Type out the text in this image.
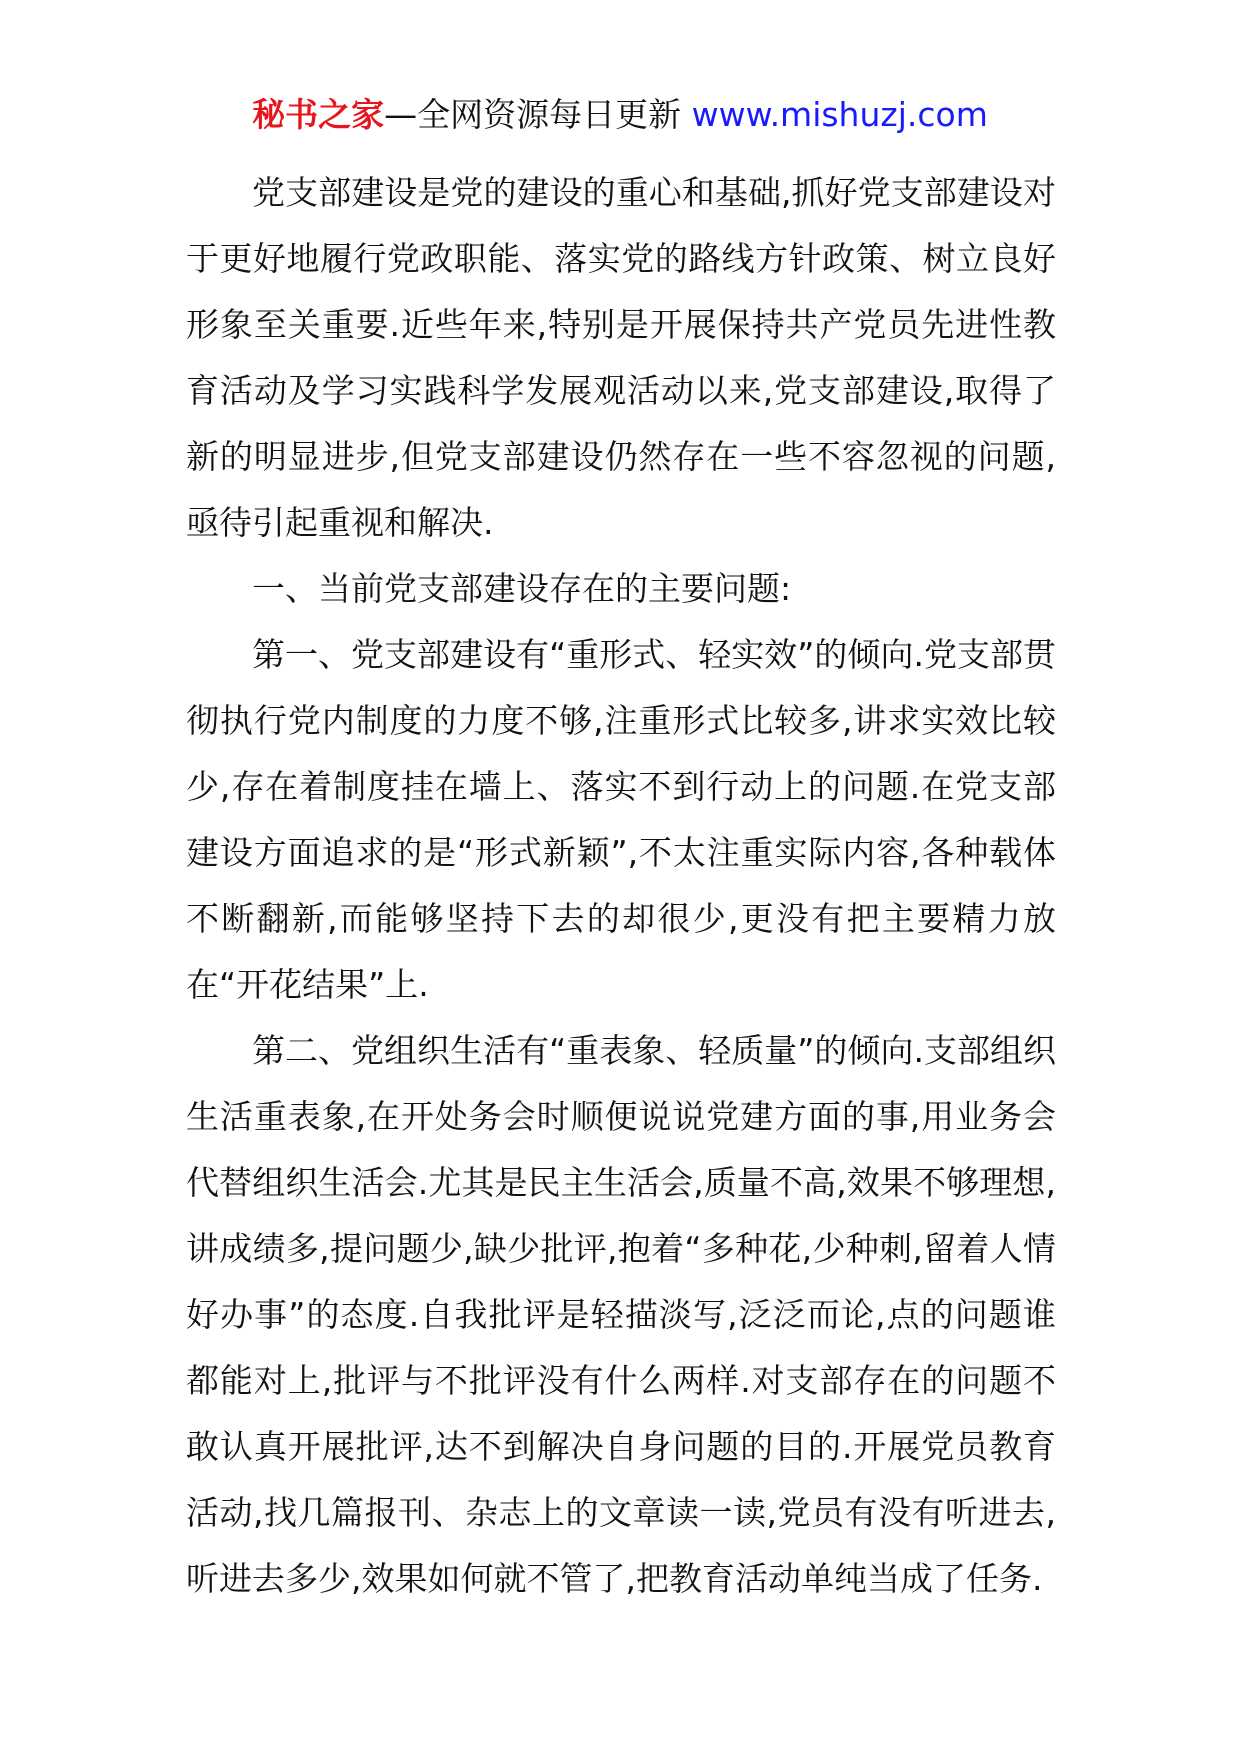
秘书之家—全网资源每日更新 www.mishuzj.com

党支部建设是党的建设的重心和基础,抓好党支部建设对于更好地履行党政职能、落实党的路线方针政策、树立良好形象至关重要.近些年来,特别是开展保持共产党员先进性教育活动及学习实践科学发展观活动以来,党支部建设,取得了新的明显进步,但党支部建设仍然存在一些不容忽视的问题,亟待引起重视和解决.

一、当前党支部建设存在的主要问题:

第一、党支部建设有“重形式、轻实效”的倾向.党支部贯彻执行党内制度的力度不够,注重形式比较多,讲求实效比较少,存在着制度挂在墙上、落实不到行动上的问题.在党支部建设方面追求的是“形式新颖”,不太注重实际内容,各种载体不断翻新,而能够坚持下去的却很少,更没有把主要精力放在“开花结果”上.

第二、党组织生活有“重表象、轻质量”的倾向.支部组织生活重表象,在开处务会时顺便说说党建方面的事,用业务会代替组织生活会.尤其是民主生活会,质量不高,效果不够理想,讲成绩多,提问题少,缺少批评,抱着“多种花,少种刺,留着人情好办事”的态度.自我批评是轻描淡写,泛泛而论,点的问题谁都能对上,批评与不批评没有什么两样.对支部存在的问题不敢认真开展批评,达不到解决自身问题的目的.开展党员教育活动,找几篇报刊、杂志上的文章读一读,党员有没有听进去,听进去多少,效果如何就不管了,把教育活动单纯当成了任务.
